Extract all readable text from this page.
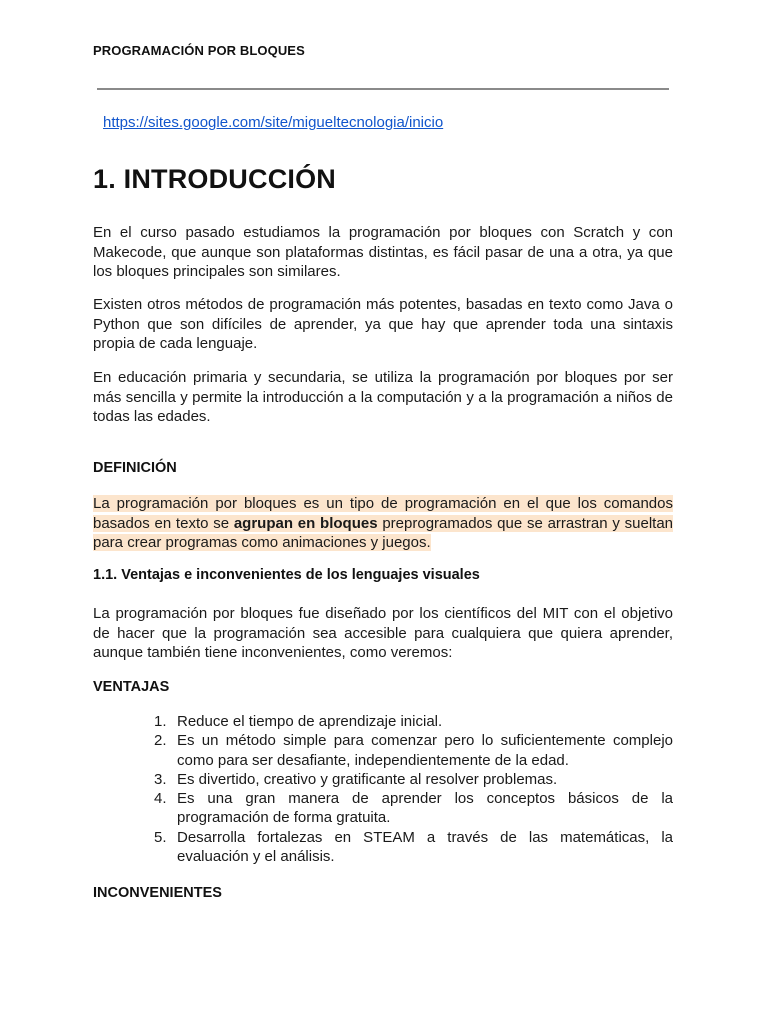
PROGRAMACIÓN POR BLOQUES
https://sites.google.com/site/migueltecnologia/inicio
1. INTRODUCCIÓN

En el curso pasado estudiamos la programación por bloques con Scratch y con Makecode, que aunque son plataformas distintas, es fácil pasar de una a otra, ya que los bloques principales son similares.

Existen otros métodos de programación más potentes, basadas en texto como Java o Python que son difíciles de aprender, ya que hay que aprender toda una sintaxis propia de cada lenguaje.

En educación primaria y secundaria, se utiliza la programación por bloques por ser más sencilla y permite la introducción a la computación y a la programación a niños de todas las edades.

DEFINICIÓN

La programación por bloques es un tipo de programación en el que los comandos basados en texto se agrupan en bloques preprogramados que se arrastran y sueltan para crear programas como animaciones y juegos.

1.1. Ventajas e inconvenientes de los lenguajes visuales

La programación por bloques fue diseñado por los científicos del MIT con el objetivo de hacer que la programación sea accesible para cualquiera que quiera aprender, aunque también tiene inconvenientes, como veremos:

VENTAJAS
1. Reduce el tiempo de aprendizaje inicial.
2. Es un método simple para comenzar pero lo suficientemente complejo como para ser desafiante, independientemente de la edad.
3. Es divertido, creativo y gratificante al resolver problemas.
4. Es una gran manera de aprender los conceptos básicos de la programación de forma gratuita.
5. Desarrolla fortalezas en STEAM a través de las matemáticas, la evaluación y el análisis.
INCONVENIENTES
